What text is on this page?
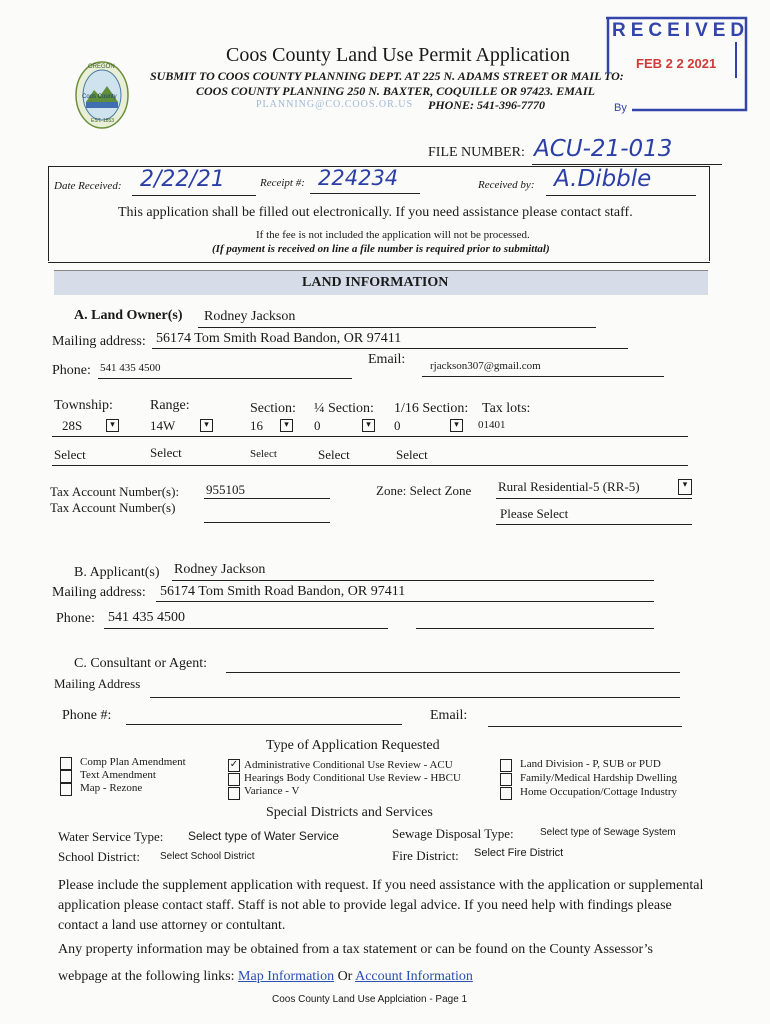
OREGON
Coos County
EST. 1853
Coos County Land Use Permit Application
SUBMIT TO COOS COUNTY PLANNING DEPT. AT 225 N. ADAMS STREET OR MAIL TO:
COOS COUNTY PLANNING 250 N. BAXTER, COQUILLE OR 97423. EMAIL
PLANNING@CO.COOS.OR.US PHONE: 541-396-7770
RECEIVED
FEB 2 2 2021
By
FILE NUMBER: ACU-21-013
Date Received: 2/22/21	Receipt #: 224234	Received by: A.Dibble
This application shall be filled out electronically. If you need assistance please contact staff.
If the fee is not included the application will not be processed.
(If payment is received on line a file number is required prior to submittal)
LAND INFORMATION
A. Land Owner(s) Rodney Jackson
Mailing address: 56174 Tom Smith Road Bandon, OR 97411
Phone: 541 435 4500
Email: rjackson307@gmail.com
Township:	Range:	Section: ¼ Section: 1/16 Section: Tax lots:
28S	▾	14W	▾	16	▾	0	▾	0	▾	01401
Select	Select	Select	Select	Select
Tax Account Number(s): 955105
Tax Account Number(s)
Zone: Select Zone Rural Residential-5 (RR-5)	▾
Please Select
B. Applicant(s) Rodney Jackson
Mailing address: 56174 Tom Smith Road Bandon, OR 97411
Phone: 541 435 4500
C. Consultant or Agent:
Mailing Address
Phone #:	Email:
Type of Application Requested
Comp Plan Amendment
Text Amendment
Map - Rezone
✓ Administrative Conditional Use Review - ACU
Hearings Body Conditional Use Review - HBCU
Variance - V
Land Division - P, SUB or PUD
Family/Medical Hardship Dwelling
Home Occupation/Cottage Industry
Special Districts and Services
Water Service Type: Select type of Water Service	Sewage Disposal Type:	Select type of Sewage System
School District: Select School District	Fire District: Select Fire District
Please include the supplement application with request. If you need assistance with the application or supplemental application please contact staff. Staff is not able to provide legal advice. If you need help with findings please contact a land use attorney or contultant.
Any property information may be obtained from a tax statement or can be found on the County Assessor’s
webpage at the following links: Map Information Or Account Information
Coos County Land Use Applciation - Page 1
